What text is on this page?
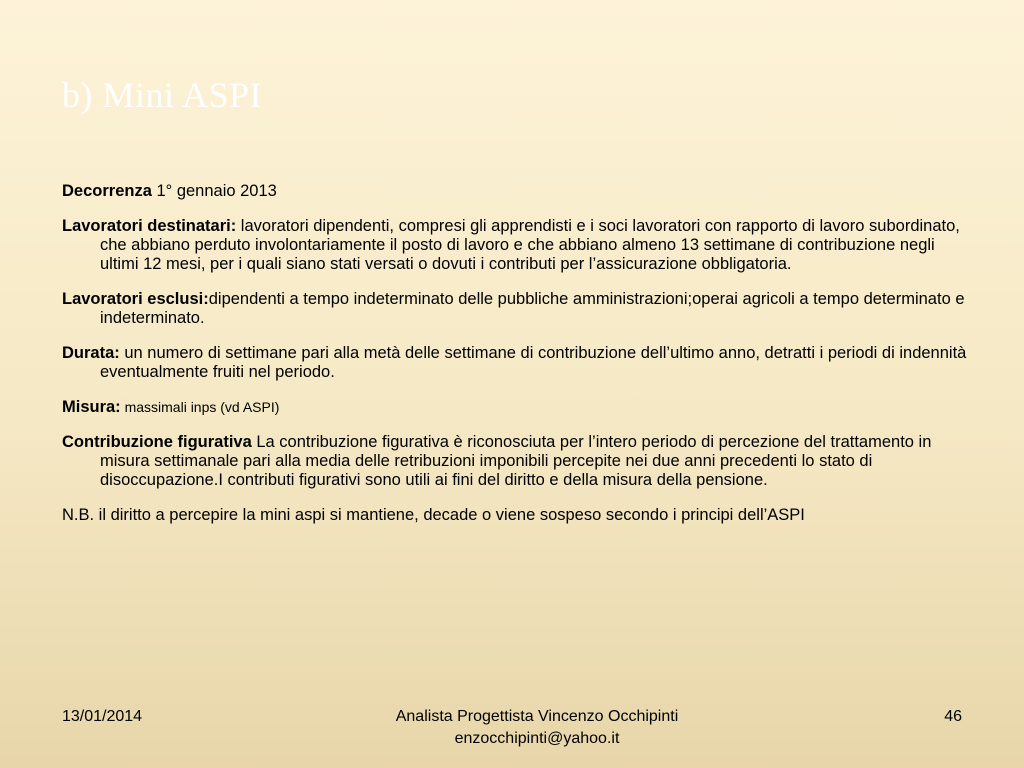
b) Mini ASPI

Decorrenza 1° gennaio 2013

Lavoratori destinatari: lavoratori dipendenti, compresi gli apprendisti e i soci lavoratori con rapporto di lavoro subordinato, che abbiano perduto involontariamente il posto di lavoro e che abbiano almeno 13 settimane di contribuzione negli ultimi 12 mesi, per i quali siano stati versati o dovuti i contributi per l’assicurazione obbligatoria.

Lavoratori esclusi:dipendenti a tempo indeterminato delle pubbliche amministrazioni;operai agricoli a tempo determinato e indeterminato.

Durata: un numero di settimane pari alla metà delle settimane di contribuzione dell’ultimo anno, detratti i periodi di indennità eventualmente fruiti nel periodo.

Misura: massimali inps (vd ASPI)

Contribuzione figurativa La contribuzione figurativa è riconosciuta per l’intero periodo di percezione del trattamento in misura settimanale pari alla media delle retribuzioni imponibili percepite nei due anni precedenti lo stato di disoccupazione.I contributi figurativi sono utili ai fini del diritto e della misura della pensione.

N.B. il diritto a percepire la mini aspi si mantiene, decade o viene sospeso secondo i principi dell’ASPI

13/01/2014	Analista Progettista Vincenzo Occhipinti
enzocchipinti@yahoo.it
46
